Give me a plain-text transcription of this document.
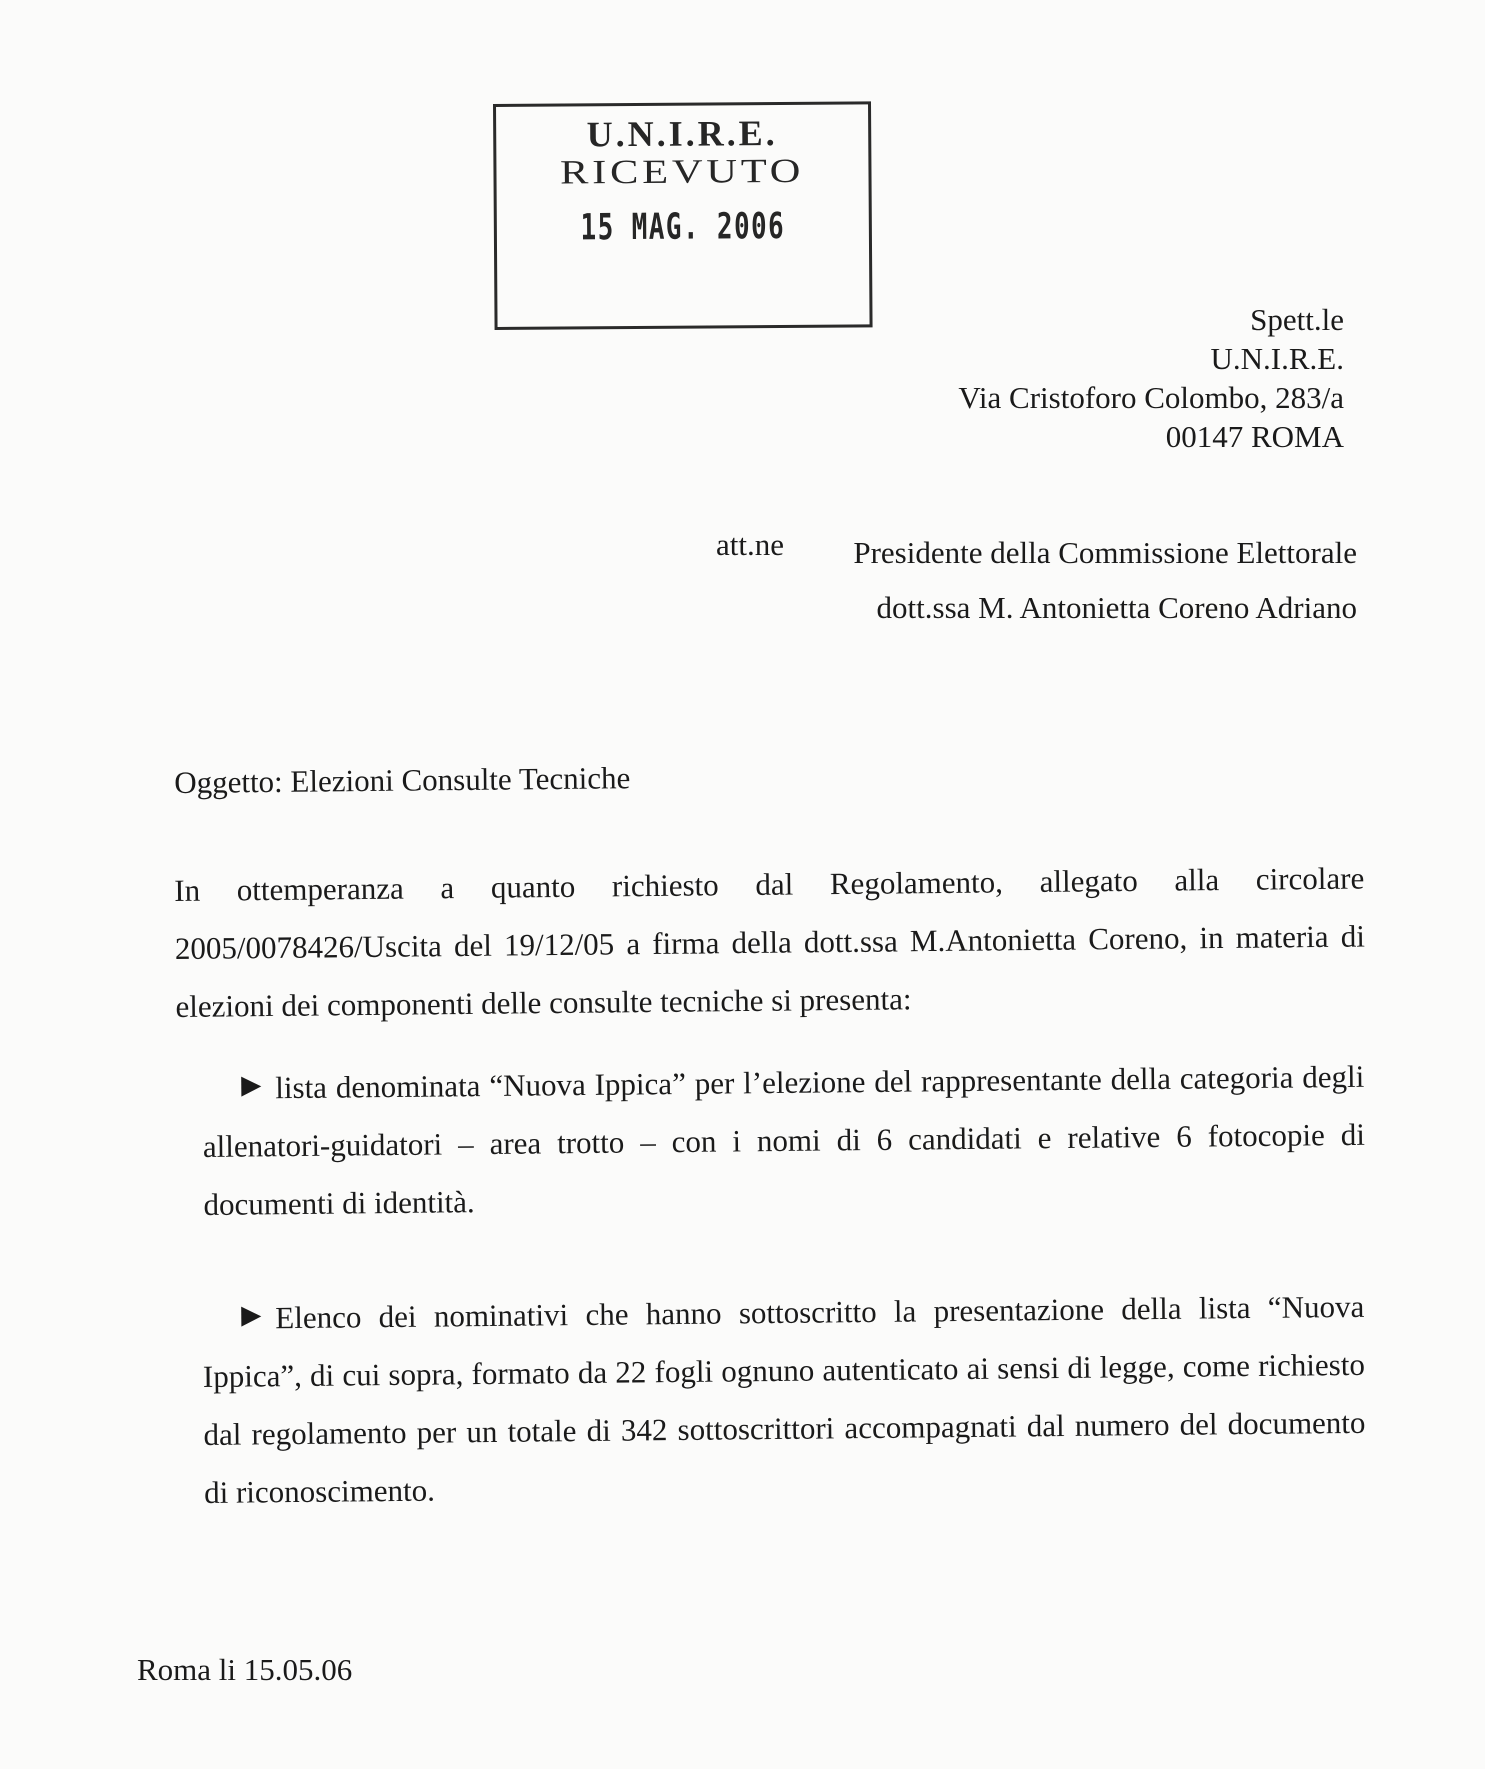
U.N.I.R.E.
RICEVUTO
15 MAG. 2006
Spett.le
U.N.I.R.E.
Via Cristoforo Colombo, 283/a
00147 ROMA
att.ne Presidente della Commissione Elettorale
dott.ssa M. Antonietta Coreno Adriano
Oggetto: Elezioni Consulte Tecniche
In ottemperanza a quanto richiesto dal Regolamento, allegato alla circolare 2005/0078426/Uscita del 19/12/05 a firma della dott.ssa M.Antonietta Coreno, in materia di elezioni dei componenti delle consulte tecniche si presenta:
lista denominata “Nuova Ippica” per l’elezione del rappresentante della categoria degli allenatori-guidatori – area trotto – con i nomi di 6 candidati e relative 6 fotocopie di documenti di identità.
Elenco dei nominativi che hanno sottoscritto la presentazione della lista “Nuova Ippica”, di cui sopra, formato da 22 fogli ognuno autenticato ai sensi di legge, come richiesto dal regolamento per un totale di 342 sottoscrittori accompagnati dal numero del documento di riconoscimento.
Roma li 15.05.06
